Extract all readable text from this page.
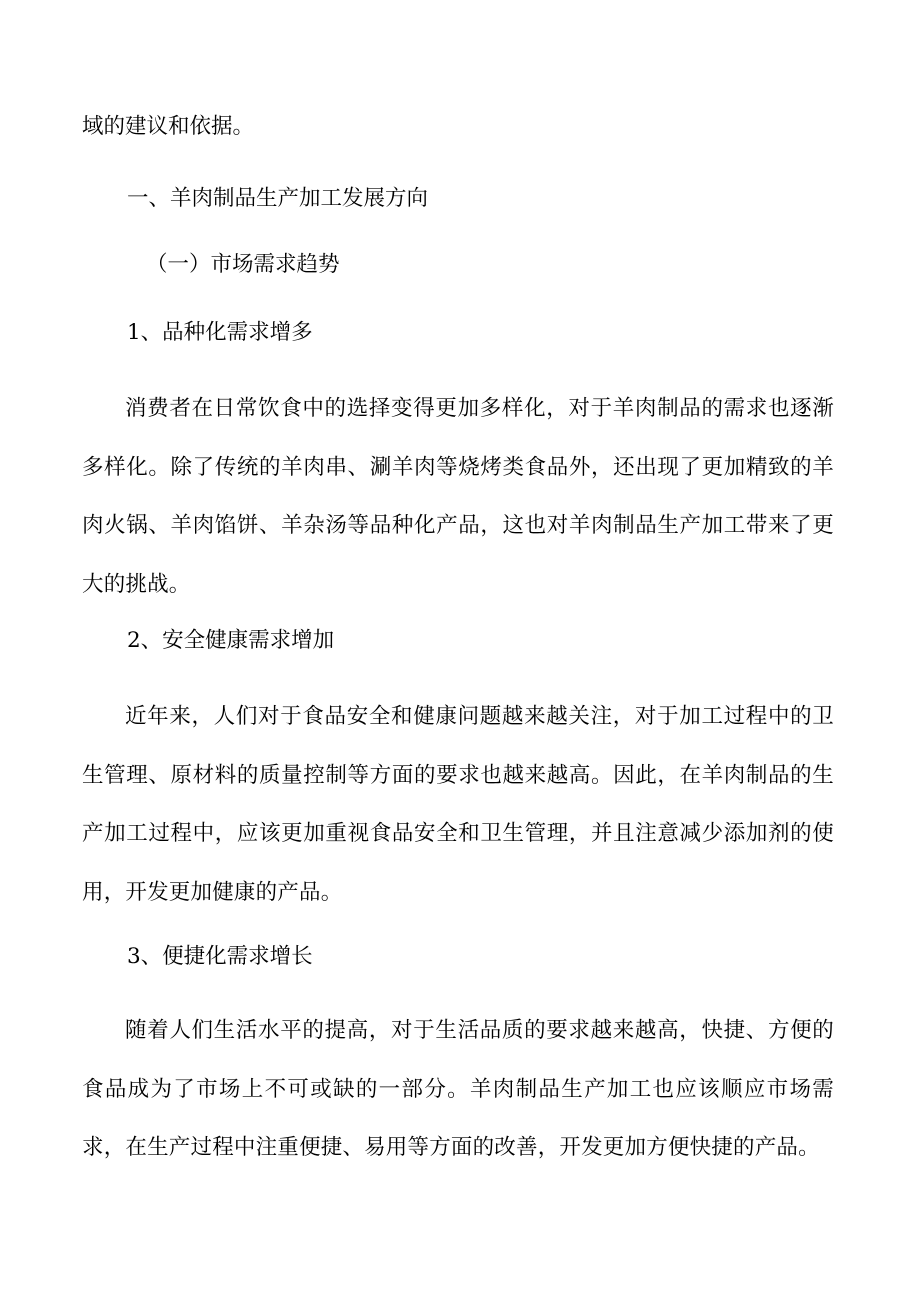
域的建议和依据。

一、羊肉制品生产加工发展方向
（一）市场需求趋势
1、品种化需求增多

消费者在日常饮食中的选择变得更加多样化，对于羊肉制品的需求也逐渐多样化。除了传统的羊肉串、涮羊肉等烧烤类食品外，还出现了更加精致的羊肉火锅、羊肉馅饼、羊杂汤等品种化产品，这也对羊肉制品生产加工带来了更大的挑战。

2、安全健康需求增加

近年来，人们对于食品安全和健康问题越来越关注，对于加工过程中的卫生管理、原材料的质量控制等方面的要求也越来越高。因此，在羊肉制品的生产加工过程中，应该更加重视食品安全和卫生管理，并且注意减少添加剂的使用，开发更加健康的产品。

3、便捷化需求增长

随着人们生活水平的提高，对于生活品质的要求越来越高，快捷、方便的食品成为了市场上不可或缺的一部分。羊肉制品生产加工也应该顺应市场需求，在生产过程中注重便捷、易用等方面的改善，开发更加方便快捷的产品。
